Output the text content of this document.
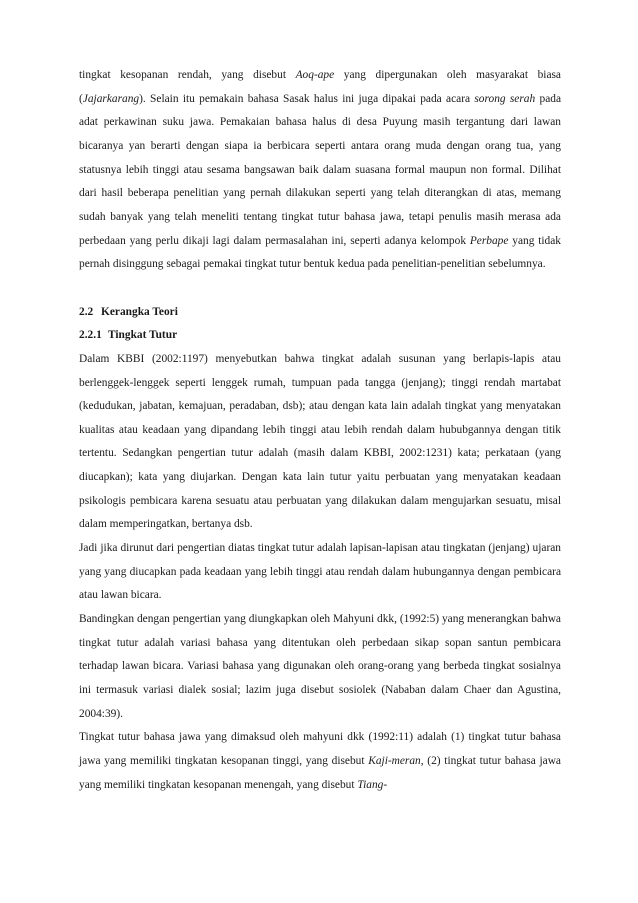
tingkat kesopanan rendah, yang disebut Aoq-ape yang dipergunakan oleh masyarakat biasa (Jajarkarang). Selain itu pemakain bahasa Sasak halus ini juga dipakai pada acara sorong serah pada adat perkawinan suku jawa. Pemakaian bahasa halus di desa Puyung masih tergantung dari lawan bicaranya yan berarti dengan siapa ia berbicara seperti antara orang muda dengan orang tua, yang statusnya lebih tinggi atau sesama bangsawan baik dalam suasana formal maupun non formal. Dilihat dari hasil beberapa penelitian yang pernah dilakukan seperti yang telah diterangkan di atas, memang sudah banyak yang telah meneliti tentang tingkat tutur bahasa jawa, tetapi penulis masih merasa ada perbedaan yang perlu dikaji lagi dalam permasalahan ini, seperti adanya kelompok Perbape yang tidak pernah disinggung sebagai pemakai tingkat tutur bentuk kedua pada penelitian-penelitian sebelumnya.

2.2 Kerangka Teori

2.2.1 Tingkat Tutur

Dalam KBBI (2002:1197) menyebutkan bahwa tingkat adalah susunan yang berlapis-lapis atau berlenggek-lenggek seperti lenggek rumah, tumpuan pada tangga (jenjang); tinggi rendah martabat (kedudukan, jabatan, kemajuan, peradaban, dsb); atau dengan kata lain adalah tingkat yang menyatakan kualitas atau keadaan yang dipandang lebih tinggi atau lebih rendah dalam hububgannya dengan titik tertentu. Sedangkan pengertian tutur adalah (masih dalam KBBI, 2002:1231) kata; perkataan (yang diucapkan); kata yang diujarkan. Dengan kata lain tutur yaitu perbuatan yang menyatakan keadaan psikologis pembicara karena sesuatu atau perbuatan yang dilakukan dalam mengujarkan sesuatu, misal dalam memperingatkan, bertanya dsb.

Jadi jika dirunut dari pengertian diatas tingkat tutur adalah lapisan-lapisan atau tingkatan (jenjang) ujaran yang yang diucapkan pada keadaan yang lebih tinggi atau rendah dalam hubungannya dengan pembicara atau lawan bicara.

Bandingkan dengan pengertian yang diungkapkan oleh Mahyuni dkk, (1992:5) yang menerangkan bahwa tingkat tutur adalah variasi bahasa yang ditentukan oleh perbedaan sikap sopan santun pembicara terhadap lawan bicara. Variasi bahasa yang digunakan oleh orang-orang yang berbeda tingkat sosialnya ini termasuk variasi dialek sosial; lazim juga disebut sosiolek (Nababan dalam Chaer dan Agustina, 2004:39).

Tingkat tutur bahasa jawa yang dimaksud oleh mahyuni dkk (1992:11) adalah (1) tingkat tutur bahasa jawa yang memiliki tingkatan kesopanan tinggi, yang disebut Kaji-meran, (2) tingkat tutur bahasa jawa yang memiliki tingkatan kesopanan menengah, yang disebut Tiang-
